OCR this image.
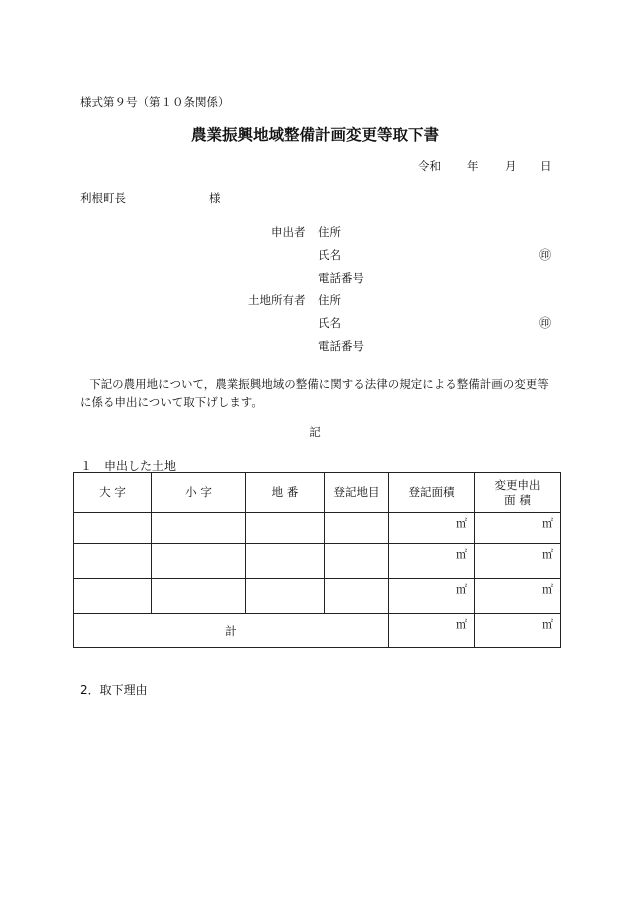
様式第９号（第１０条関係）
農業振興地域整備計画変更等取下書
令和 年 月 日
利根町長	様
申出者 住所
氏名	㊞
電話番号
土地所有者 住所
氏名	㊞
電話番号
下記の農用地について，農業振興地域の整備に関する法律の規定による整備計画の変更等に係る申出について取下げします。
記
１　申出した土地
大 字	小 字	地 番	登記地目	登記面積	変更申出
面 積

				㎡	㎡
				㎡	㎡
				㎡	㎡
計				㎡	㎡
2．取下理由
